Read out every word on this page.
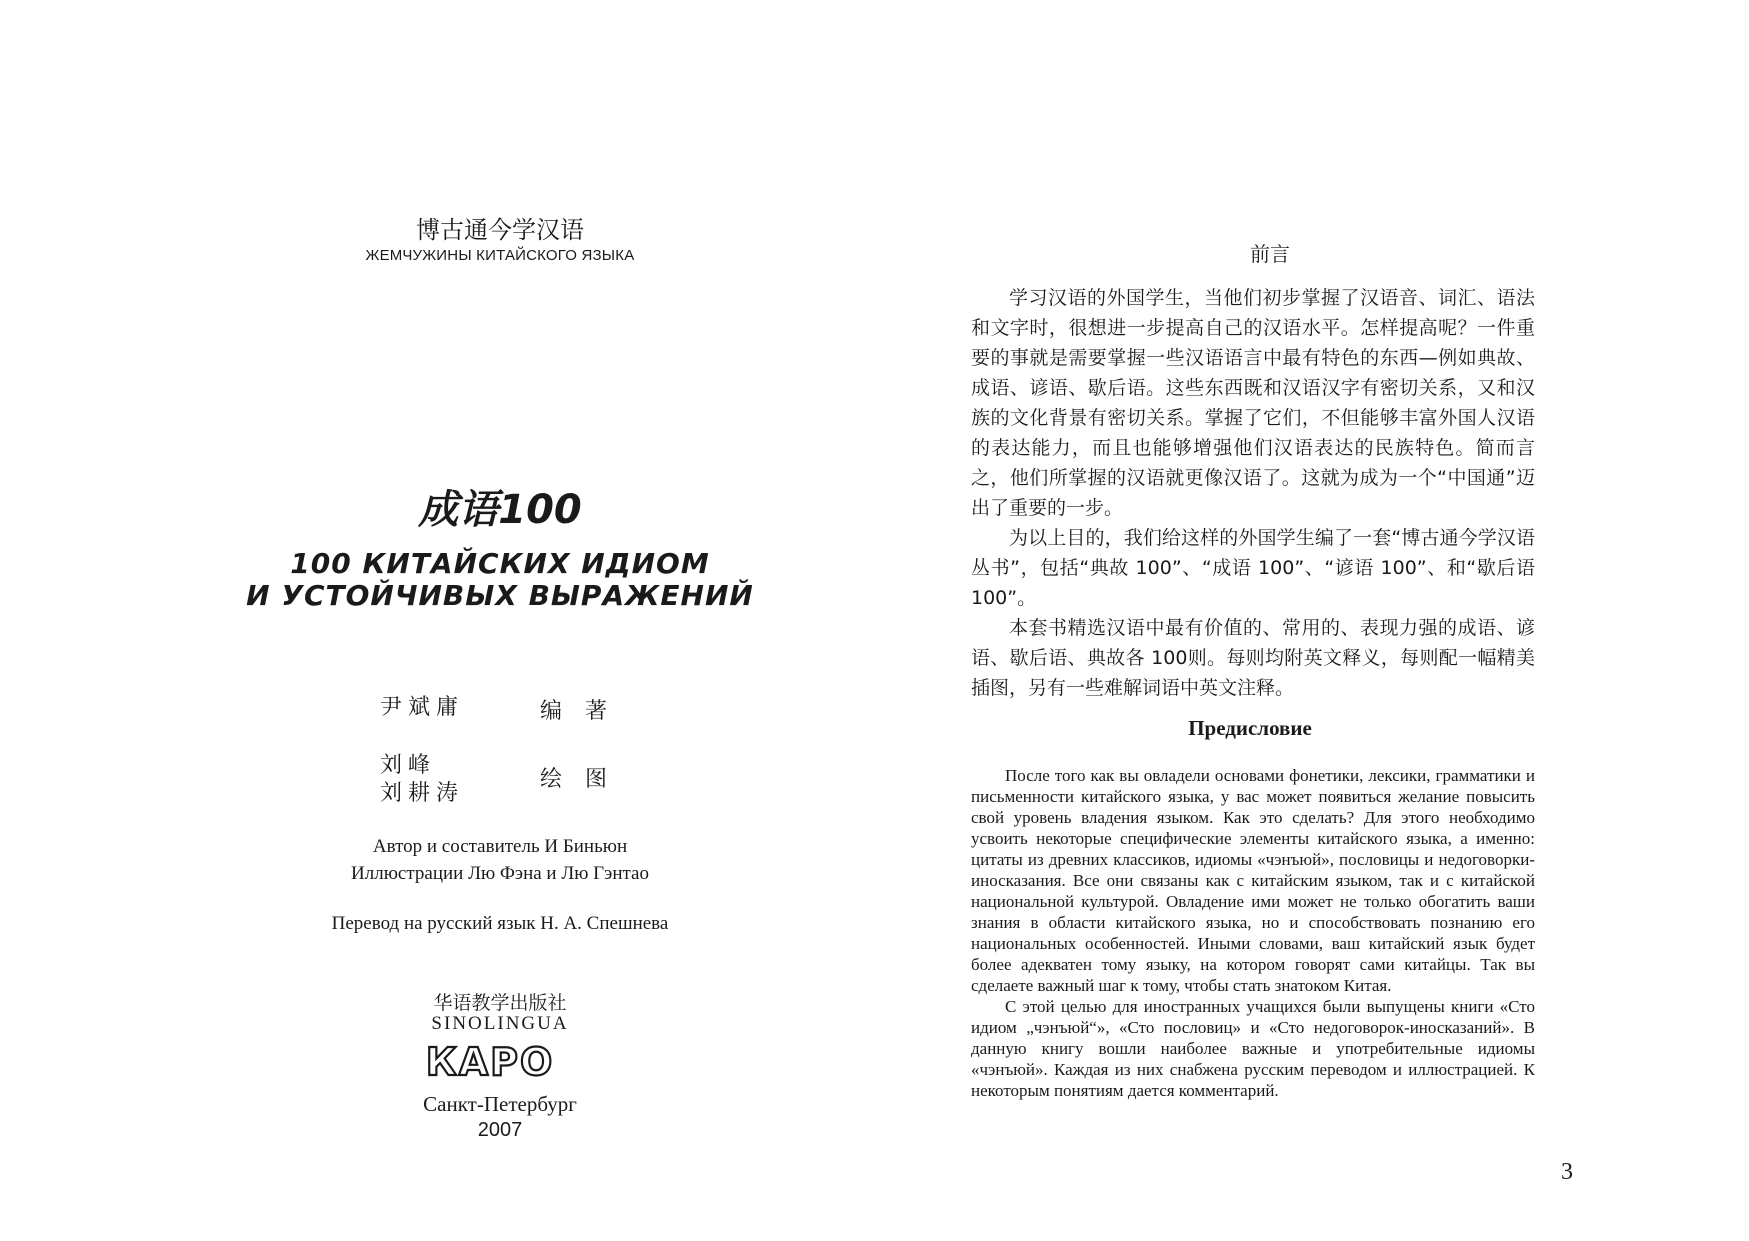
博古通今学汉语
ЖЕМЧУЖИНЫ КИТАЙСКОГО ЯЗЫКА
成语100
100 КИТАЙСКИХ ИДИОМ
И УСТОЙЧИВЫХ ВЫРАЖЕНИЙ
尹斌庸	编 著
刘峰
刘耕涛
绘 图
Автор и составитель И Биньюн
Иллюстрации Лю Фэна и Лю Гэнтао
Перевод на русский язык Н. А. Спешнева
华语教学出版社
SINOLINGUA
КАРО
Санкт-Петербург
2007
前言

学习汉语的外国学生，当他们初步掌握了汉语音、词汇、语法和文字时，很想进一步提高自己的汉语水平。怎样提高呢？一件重要的事就是需要掌握一些汉语语言中最有特色的东西—例如典故、成语、谚语、歇后语。这些东西既和汉语汉字有密切关系，又和汉族的文化背景有密切关系。掌握了它们，不但能够丰富外国人汉语的表达能力，而且也能够增强他们汉语表达的民族特色。简而言之，他们所掌握的汉语就更像汉语了。这就为成为一个“中国通”迈出了重要的一步。

为以上目的，我们给这样的外国学生编了一套“博古通今学汉语丛书”，包括“典故 100”、“成语 100”、“谚语 100”、和“歇后语 100”。

本套书精选汉语中最有价值的、常用的、表现力强的成语、谚语、歇后语、典故各 100则。每则均附英文释义，每则配一幅精美插图，另有一些难解词语中英文注释。

Предисловие

После того как вы овладели основами фонетики, лексики, грамматики и письменности китайского языка, у вас может появиться желание повысить свой уровень владения языком. Как это сделать? Для этого необходимо усвоить некоторые специфические элементы китайского языка, а именно: цитаты из древних классиков, идиомы «чэнъюй», пословицы и недоговорки-иносказания. Все они связаны как с китайским языком, так и с китайской национальной культурой. Овладение ими может не только обогатить ваши знания в области китайского языка, но и способствовать познанию его национальных особенностей. Иными словами, ваш китайский язык будет более адекватен тому языку, на котором говорят сами китайцы. Так вы сделаете важный шаг к тому, чтобы стать знатоком Китая.

С этой целью для иностранных учащихся были выпущены книги «Сто идиом „чэнъюй“», «Сто пословиц» и «Сто недоговорок-иносказаний». В данную книгу вошли наиболее важные и употребительные идиомы «чэнъюй». Каждая из них снабжена русским переводом и иллюстрацией. К некоторым понятиям дается комментарий.

3
